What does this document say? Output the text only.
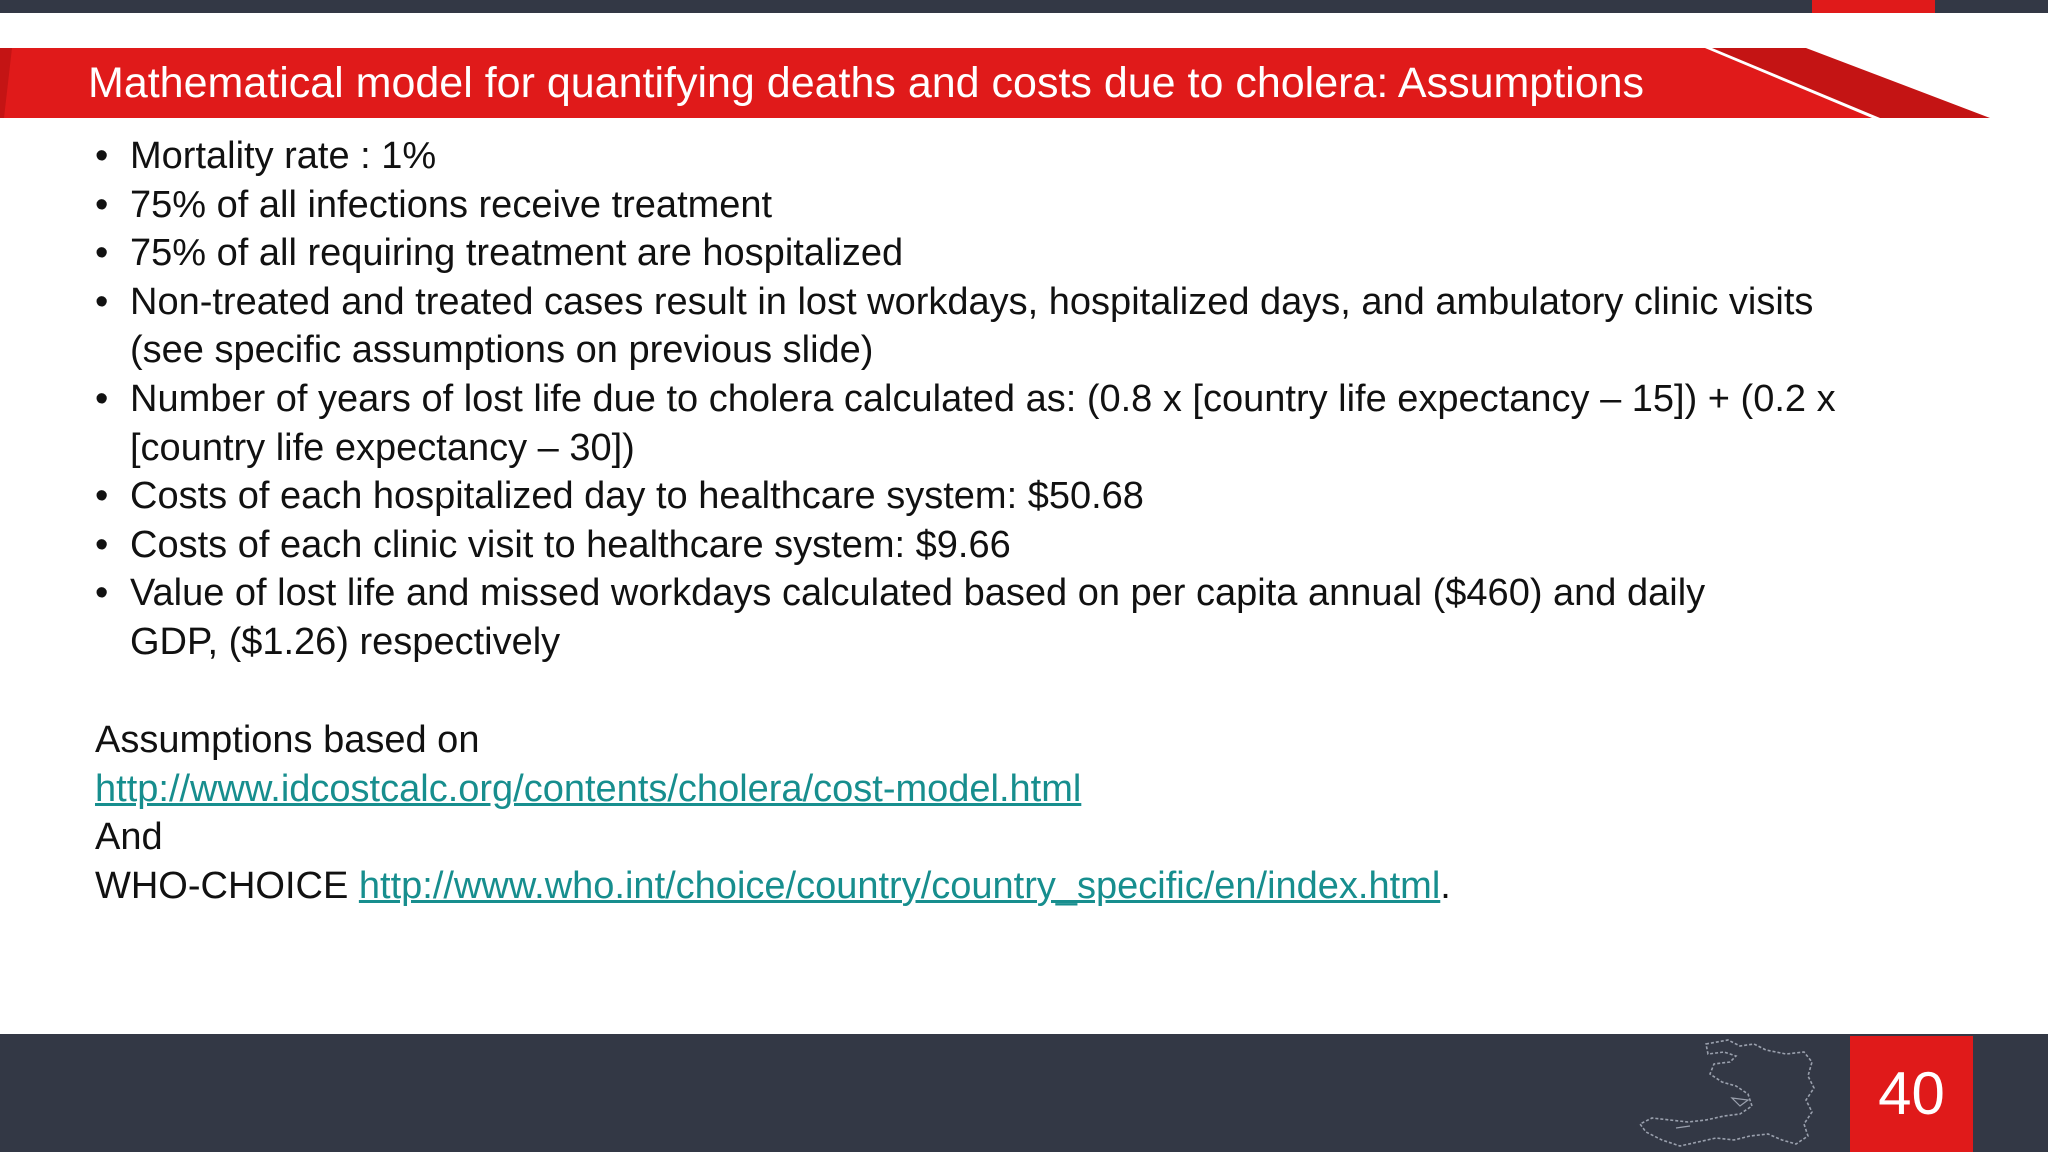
Mathematical model for quantifying deaths and costs due to cholera: Assumptions
• Mortality rate : 1%
• 75% of all infections receive treatment
• 75% of all requiring treatment are hospitalized
• Non-treated and treated cases result in lost workdays, hospitalized days, and ambulatory clinic visits
(see specific assumptions on previous slide)
• Number of years of lost life due to cholera calculated as: (0.8 x [country life expectancy – 15]) + (0.2 x
[country life expectancy – 30])
• Costs of each hospitalized day to healthcare system: $50.68
• Costs of each clinic visit to healthcare system: $9.66
• Value of lost life and missed workdays calculated based on per capita annual ($460) and daily
GDP, ($1.26) respectively
Assumptions based on
http://www.idcostcalc.org/contents/cholera/cost-model.html
And
WHO-CHOICE http://www.who.int/choice/country/country_specific/en/index.html.
40
